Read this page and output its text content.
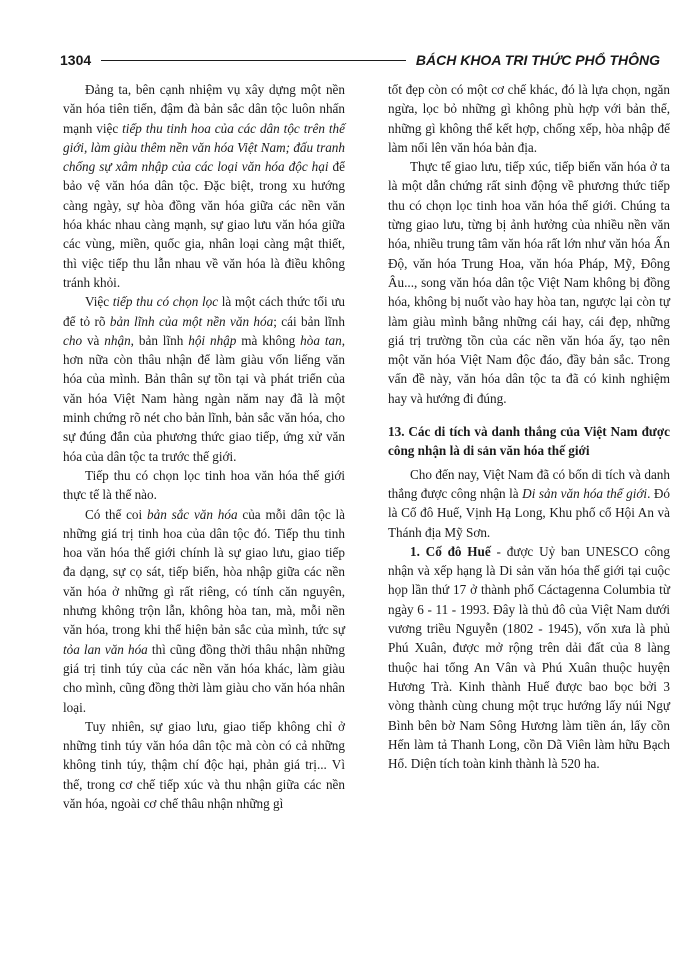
1304	BÁCH KHOA TRI THỨC PHỔ THÔNG

Đảng ta, bên cạnh nhiệm vụ xây dựng một nền văn hóa tiên tiến, đậm đà bản sắc dân tộc luôn nhấn mạnh việc tiếp thu tinh hoa của các dân tộc trên thế giới, làm giàu thêm nền văn hóa Việt Nam; đấu tranh chống sự xâm nhập của các loại văn hóa độc hại để bảo vệ văn hóa dân tộc. Đặc biệt, trong xu hướng càng ngày, sự hòa đồng văn hóa giữa các nền văn hóa khác nhau càng mạnh, sự giao lưu văn hóa giữa các vùng, miền, quốc gia, nhân loại càng mật thiết, thì việc tiếp thu lẫn nhau về văn hóa là điều không tránh khỏi.

Việc tiếp thu có chọn lọc là một cách thức tối ưu để tỏ rõ bản lĩnh của một nền văn hóa; cái bản lĩnh cho và nhận, bản lĩnh hội nhập mà không hòa tan, hơn nữa còn thâu nhận để làm giàu vốn liếng văn hóa của mình. Bản thân sự tồn tại và phát triển của văn hóa Việt Nam hàng ngàn năm nay đã là một minh chứng rõ nét cho bản lĩnh, bản sắc văn hóa, cho sự đúng đắn của phương thức giao tiếp, ứng xử văn hóa của dân tộc ta trước thế giới.

Tiếp thu có chọn lọc tinh hoa văn hóa thế giới thực tế là thế nào.

Có thể coi bản sắc văn hóa của mỗi dân tộc là những giá trị tinh hoa của dân tộc đó. Tiếp thu tinh hoa văn hóa thế giới chính là sự giao lưu, giao tiếp đa dạng, sự cọ sát, tiếp biến, hòa nhập giữa các nền văn hóa ở những gì rất riêng, có tính căn nguyên, nhưng không trộn lẫn, không hòa tan, mà, mỗi nền văn hóa, trong khi thể hiện bản sắc của mình, tức sự tỏa lan văn hóa thì cũng đồng thời thâu nhận những giá trị tinh túy của các nền văn hóa khác, làm giàu cho mình, cũng đồng thời làm giàu cho văn hóa nhân loại.

Tuy nhiên, sự giao lưu, giao tiếp không chỉ ở những tinh túy văn hóa dân tộc mà còn có cả những không tinh túy, thậm chí độc hại, phản giá trị... Vì thế, trong cơ chế tiếp xúc và thu nhận giữa các nền văn hóa, ngoài cơ chế thâu nhận những gì

tốt đẹp còn có một cơ chế khác, đó là lựa chọn, ngăn ngừa, lọc bỏ những gì không phù hợp với bản thể, những gì không thể kết hợp, chống xếp, hòa nhập để làm nổi lên văn hóa bản địa.

Thực tế giao lưu, tiếp xúc, tiếp biến văn hóa ở ta là một dẫn chứng rất sinh động về phương thức tiếp thu có chọn lọc tinh hoa văn hóa thế giới. Chúng ta từng giao lưu, từng bị ảnh hưởng của nhiều nền văn hóa, nhiều trung tâm văn hóa rất lớn như văn hóa Ấn Độ, văn hóa Trung Hoa, văn hóa Pháp, Mỹ, Đông Âu..., song văn hóa dân tộc Việt Nam không bị đồng hóa, không bị nuốt vào hay hòa tan, ngược lại còn tự làm giàu mình bằng những cái hay, cái đẹp, những giá trị trường tồn của các nền văn hóa ấy, tạo nên một văn hóa Việt Nam độc đáo, đầy bản sắc. Trong vấn đề này, văn hóa dân tộc ta đã có kinh nghiệm hay và hướng đi đúng.

13. Các di tích và danh thắng của Việt Nam được công nhận là di sản văn hóa thế giới

Cho đến nay, Việt Nam đã có bốn di tích và danh thắng được công nhận là Di sản văn hóa thế giới. Đó là Cố đô Huế, Vịnh Hạ Long, Khu phố cổ Hội An và Thánh địa Mỹ Sơn.

1. Cố đô Huế - được Uỷ ban UNESCO công nhận và xếp hạng là Di sản văn hóa thế giới tại cuộc họp lần thứ 17 ở thành phố Cáctagenna Columbia từ ngày 6 - 11 - 1993. Đây là thủ đô của Việt Nam dưới vương triều Nguyễn (1802 - 1945), vốn xưa là phủ Phú Xuân, được mở rộng trên dải đất của 8 làng thuộc hai tổng An Vân và Phú Xuân thuộc huyện Hương Trà. Kinh thành Huế được bao bọc bởi 3 vòng thành cùng chung một trục hướng lấy núi Ngự Bình bên bờ Nam Sông Hương làm tiền án, lấy cồn Hến làm tả Thanh Long, cồn Dã Viên làm hữu Bạch Hổ. Diện tích toàn kinh thành là 520 ha.
